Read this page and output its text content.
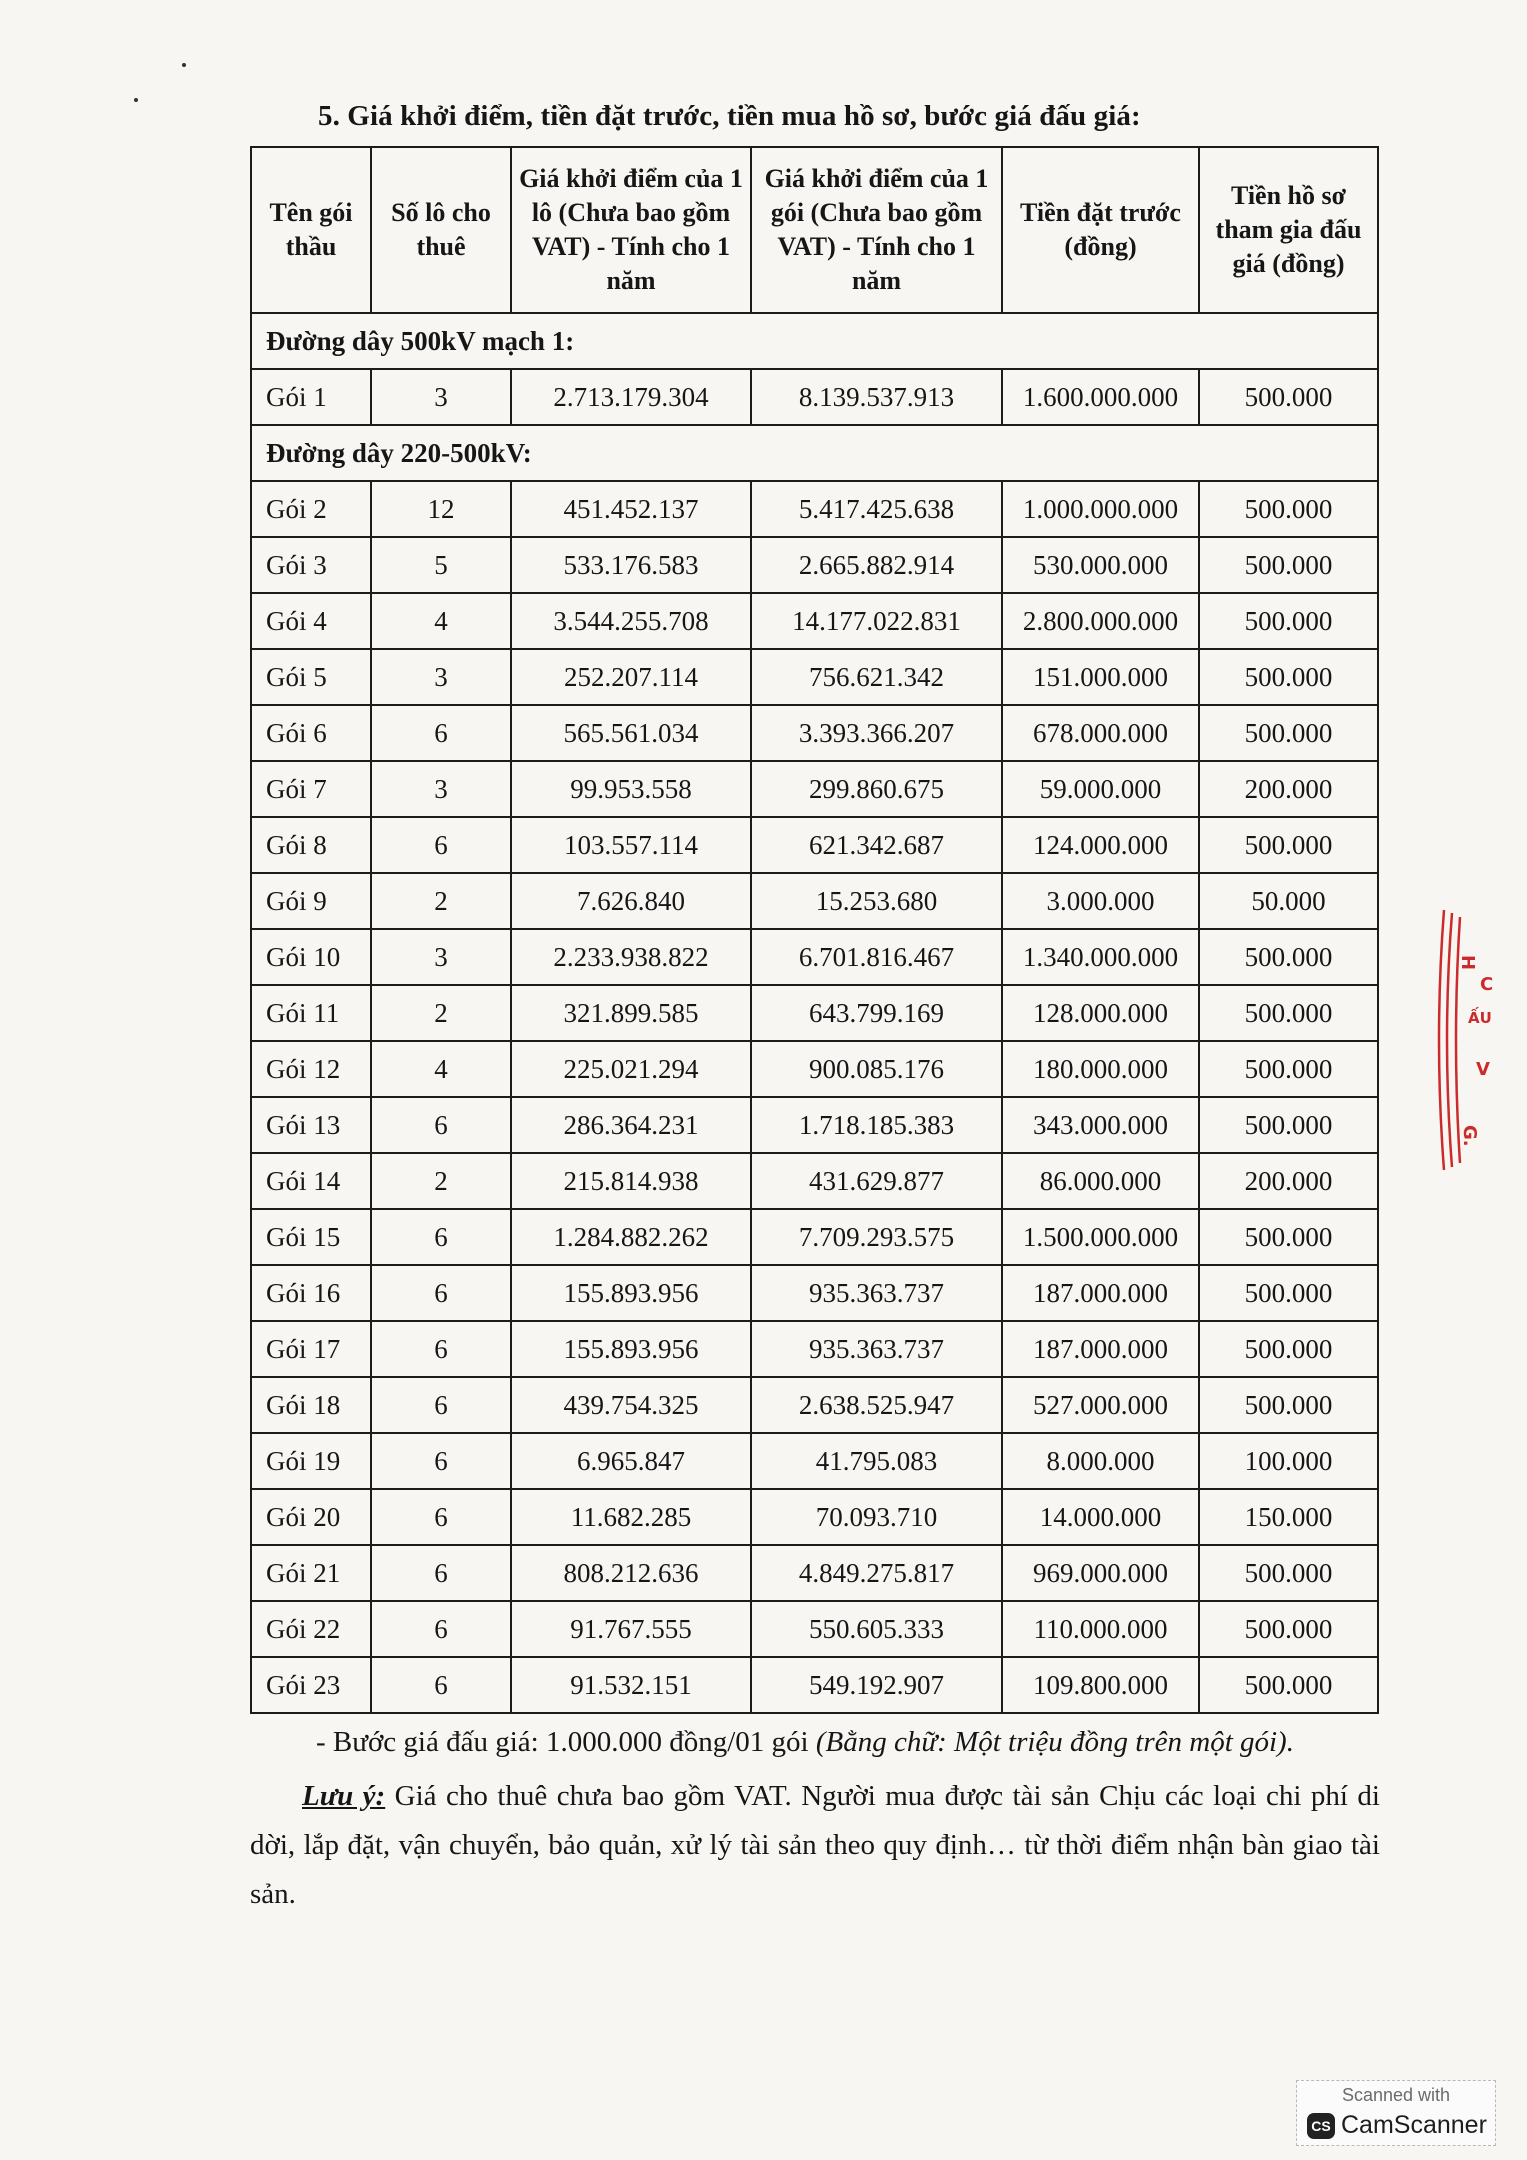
5. Giá khởi điểm, tiền đặt trước, tiền mua hồ sơ, bước giá đấu giá:
Tên gói thầu	Số lô cho thuê	Giá khởi điểm của 1 lô (Chưa bao gồm VAT) - Tính cho 1 năm	Giá khởi điểm của 1 gói (Chưa bao gồm VAT) - Tính cho 1 năm	Tiền đặt trước (đồng)	Tiền hồ sơ tham gia đấu giá (đồng)
Đường dây 500kV mạch 1:					
Gói 1	3	2.713.179.304	8.139.537.913	1.600.000.000	500.000
Đường dây 220-500kV:					
Gói 2	12	451.452.137	5.417.425.638	1.000.000.000	500.000
Gói 3	5	533.176.583	2.665.882.914	530.000.000	500.000
Gói 4	4	3.544.255.708	14.177.022.831	2.800.000.000	500.000
Gói 5	3	252.207.114	756.621.342	151.000.000	500.000
Gói 6	6	565.561.034	3.393.366.207	678.000.000	500.000
Gói 7	3	99.953.558	299.860.675	59.000.000	200.000
Gói 8	6	103.557.114	621.342.687	124.000.000	500.000
Gói 9	2	7.626.840	15.253.680	3.000.000	50.000
Gói 10	3	2.233.938.822	6.701.816.467	1.340.000.000	500.000
Gói 11	2	321.899.585	643.799.169	128.000.000	500.000
Gói 12	4	225.021.294	900.085.176	180.000.000	500.000
Gói 13	6	286.364.231	1.718.185.383	343.000.000	500.000
Gói 14	2	215.814.938	431.629.877	86.000.000	200.000
Gói 15	6	1.284.882.262	7.709.293.575	1.500.000.000	500.000
Gói 16	6	155.893.956	935.363.737	187.000.000	500.000
Gói 17	6	155.893.956	935.363.737	187.000.000	500.000
Gói 18	6	439.754.325	2.638.525.947	527.000.000	500.000
Gói 19	6	6.965.847	41.795.083	8.000.000	100.000
Gói 20	6	11.682.285	70.093.710	14.000.000	150.000
Gói 21	6	808.212.636	4.849.275.817	969.000.000	500.000
Gói 22	6	91.767.555	550.605.333	110.000.000	500.000
Gói 23	6	91.532.151	549.192.907	109.800.000	500.000

- Bước giá đấu giá: 1.000.000 đồng/01 gói (Bằng chữ: Một triệu đồng trên một gói).

Lưu ý: Giá cho thuê chưa bao gồm VAT. Người mua được tài sản Chịu các loại chi phí di dời, lắp đặt, vận chuyển, bảo quản, xử lý tài sản theo quy định… từ thời điểm nhận bàn giao tài sản.

H
C
ẤU
V
G.
Scanned with
CS CamScanner
